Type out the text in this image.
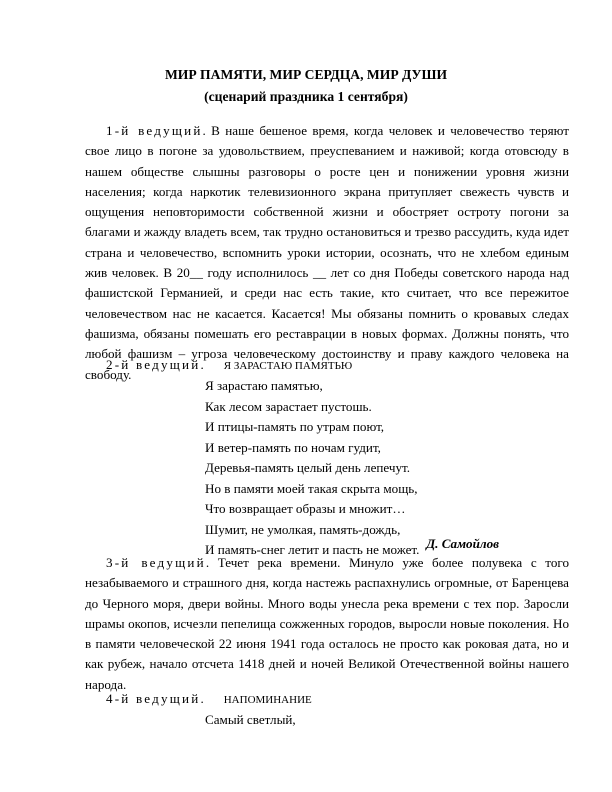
МИР ПАМЯТИ, МИР СЕРДЦА, МИР ДУШИ
(сценарий праздника 1 сентября)

1-й ведущий. В наше бешеное время, когда человек и человечество теряют свое лицо в погоне за удовольствием, преуспеванием и наживой; когда отовсюду в нашем обществе слышны разговоры о росте цен и понижении уровня жизни населения; когда наркотик телевизионного экрана притупляет свежесть чувств и ощущения неповторимости собственной жизни и обостряет остроту погони за благами и жажду владеть всем, так трудно остановиться и трезво рассудить, куда идет страна и человечество, вспомнить уроки истории, осознать, что не хлебом единым жив человек. В 20__ году исполнилось __ лет со дня Победы советского народа над фашистской Германией, и среди нас есть такие, кто считает, что все пережитое человечеством нас не касается. Касается! Мы обязаны помнить о кровавых следах фашизма, обязаны помешать его реставрации в новых формах. Должны понять, что любой фашизм – угроза человеческому достоинству и праву каждого человека на свободу.

2-й ведущий. Я ЗАРАСТАЮ ПАМЯТЬЮ
Я зарастаю памятью,
Как лесом зарастает пустошь.
И птицы-память по утрам поют,
И ветер-память по ночам гудит,
Деревья-память целый день лепечут.
Но в памяти моей такая скрыта мощь,
Что возвращает образы и множит…
Шумит, не умолкая, память-дождь,
И память-снег летит и пасть не может. Д. Самойлов

3-й ведущий. Течет река времени. Минуло уже более полувека с того незабываемого и страшного дня, когда настежь распахнулись огромные, от Баренцева до Черного моря, двери войны. Много воды унесла река времени с тех пор. Заросли шрамы окопов, исчезли пепелища сожженных городов, выросли новые поколения. Но в памяти человеческой 22 июня 1941 года осталось не просто как роковая дата, но и как рубеж, начало отсчета 1418 дней и ночей Великой Отечественной войны нашего народа.

4-й ведущий. НАПОМИНАНИЕ
Самый светлый,
